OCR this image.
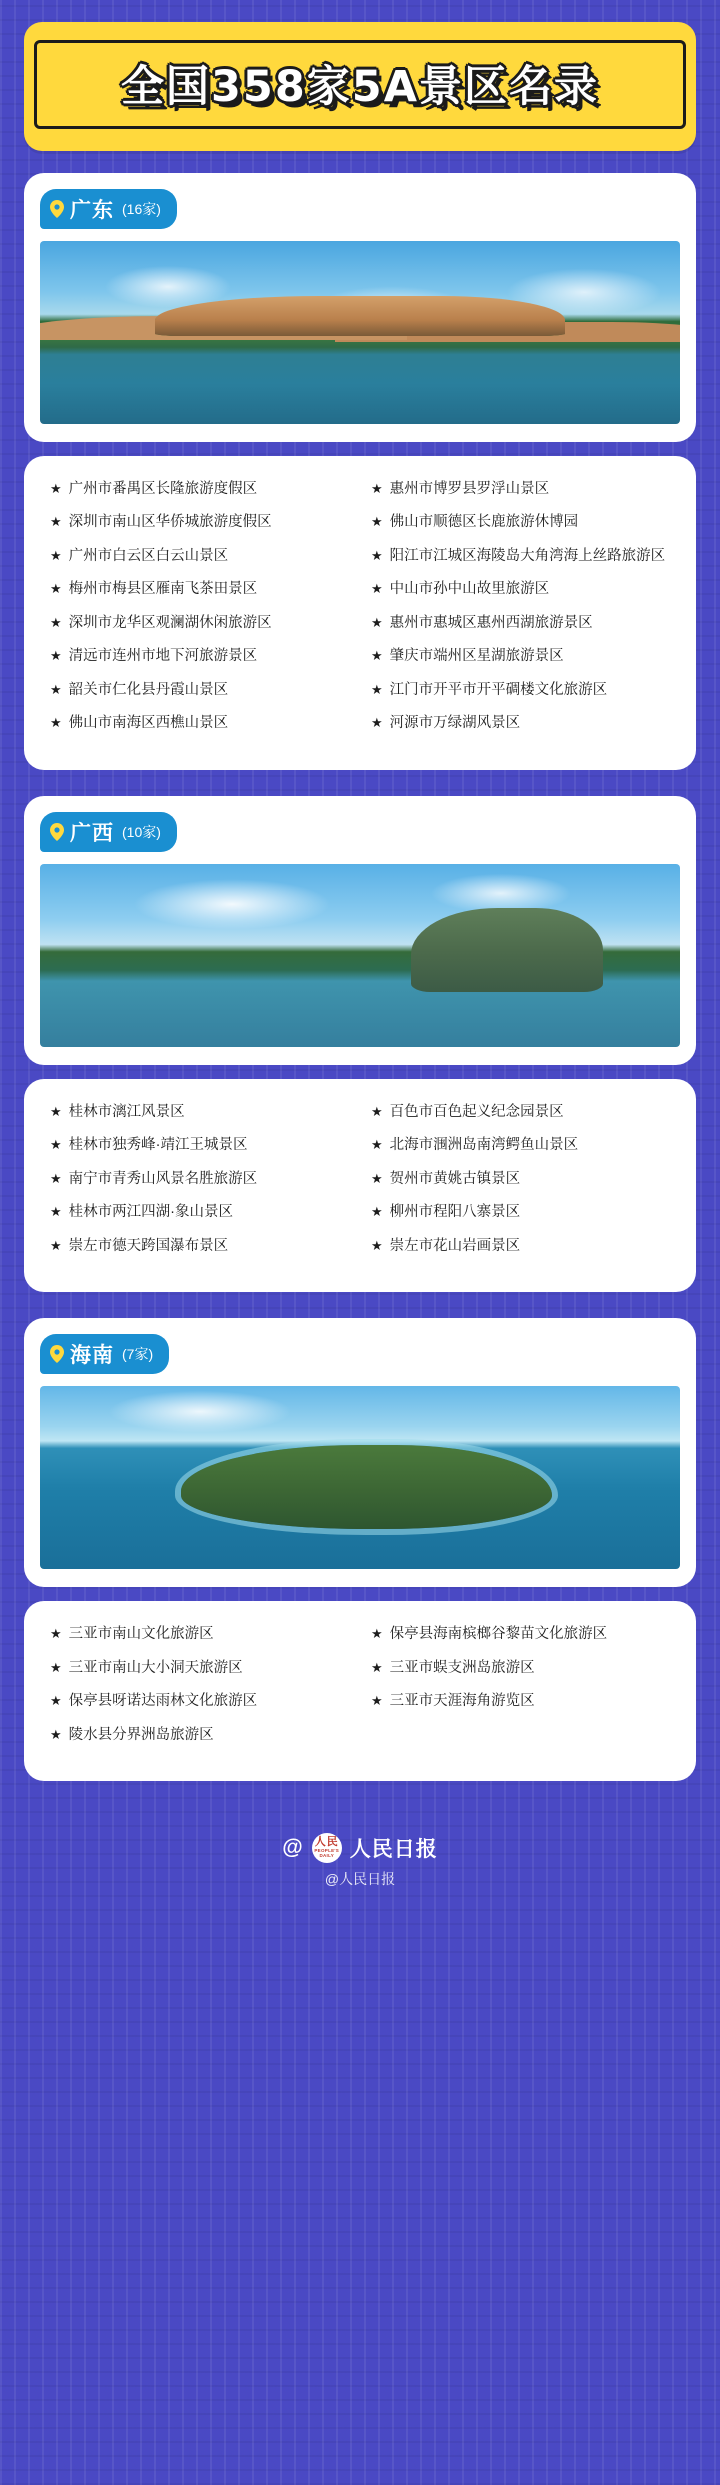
全国358家5A景区名录
广东 (16家)
★ 广州市番禺区长隆旅游度假区
★ 深圳市南山区华侨城旅游度假区
★ 广州市白云区白云山景区
★ 梅州市梅县区雁南飞茶田景区
★ 深圳市龙华区观澜湖休闲旅游区
★ 清远市连州市地下河旅游景区
★ 韶关市仁化县丹霞山景区
★ 佛山市南海区西樵山景区
★ 惠州市博罗县罗浮山景区
★ 佛山市顺德区长鹿旅游休博园
★ 阳江市江城区海陵岛大角湾海上丝路旅游区
★ 中山市孙中山故里旅游区
★ 惠州市惠城区惠州西湖旅游景区
★ 肇庆市端州区星湖旅游景区
★ 江门市开平市开平碉楼文化旅游区
★ 河源市万绿湖风景区
广西 (10家)
★ 桂林市漓江风景区
★ 桂林市独秀峰·靖江王城景区
★ 南宁市青秀山风景名胜旅游区
★ 桂林市两江四湖·象山景区
★ 崇左市德天跨国瀑布景区
★ 百色市百色起义纪念园景区
★ 北海市涠洲岛南湾鳄鱼山景区
★ 贺州市黄姚古镇景区
★ 柳州市程阳八寨景区
★ 崇左市花山岩画景区
海南 (7家)
★ 三亚市南山文化旅游区
★ 三亚市南山大小洞天旅游区
★ 保亭县呀诺达雨林文化旅游区
★ 陵水县分界洲岛旅游区
★ 保亭县海南槟榔谷黎苗文化旅游区
★ 三亚市蜈支洲岛旅游区
★ 三亚市天涯海角游览区
@ 人民
PEOPLE'S DAILY 人民日报
@人民日报
